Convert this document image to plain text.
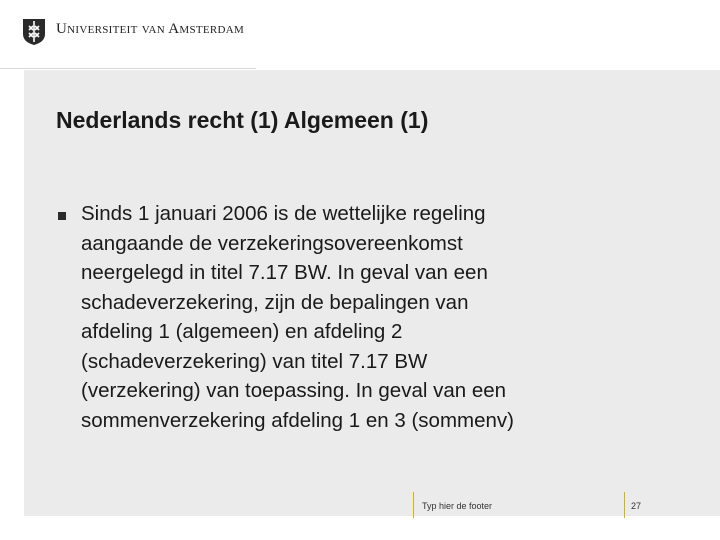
Universiteit van Amsterdam
Nederlands recht (1) Algemeen (1)
Sinds 1 januari 2006 is de wettelijke regeling
aangaande de verzekeringsovereenkomst
neergelegd in titel 7.17 BW. In geval van een
schadeverzekering, zijn de bepalingen van
afdeling 1 (algemeen) en afdeling 2
(schadeverzekering) van titel 7.17 BW
(verzekering) van toepassing. In geval van een
sommenverzekering afdeling 1 en 3 (sommenv)
Typ hier de footer	27
